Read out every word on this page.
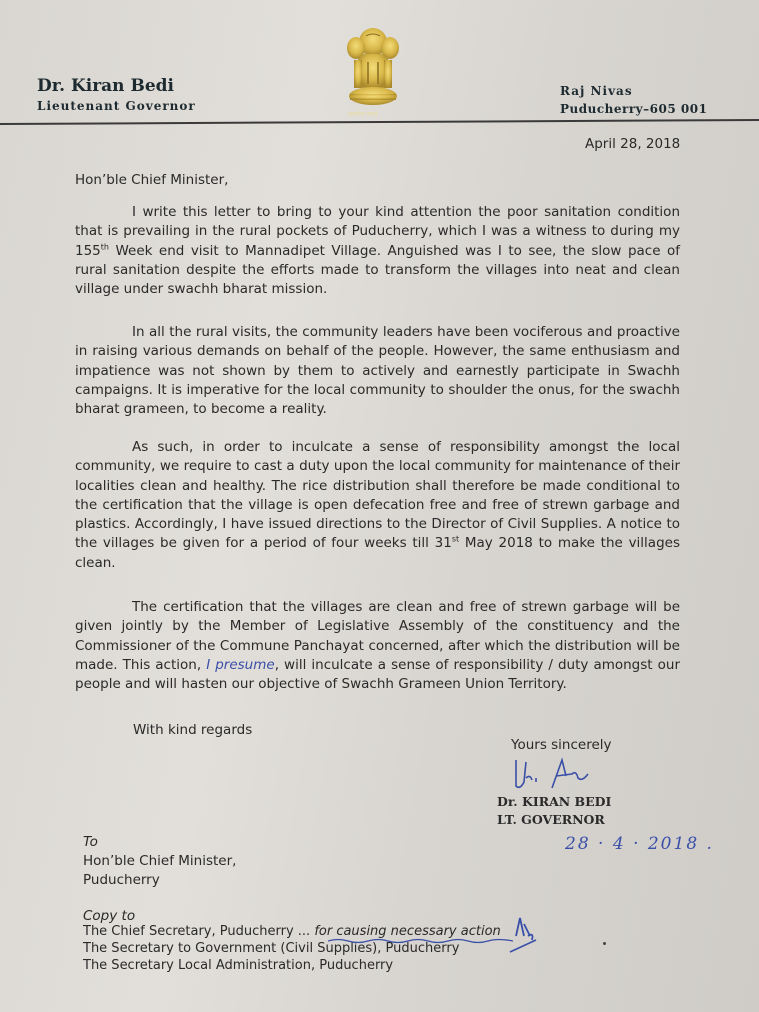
सत्यमेव जयते
Dr. Kiran Bedi
Lieutenant Governor
Raj Nivas
Puducherry–605 001
April 28, 2018
Hon’ble Chief Minister,
I write this letter to bring to your kind attention the poor sanitation condition that is prevailing in the rural pockets of Puducherry, which I was a witness to during my 155th Week end visit to Mannadipet Village. Anguished was I to see, the slow pace of rural sanitation despite the efforts made to transform the villages into neat and clean village under swachh bharat mission.
In all the rural visits, the community leaders have been vociferous and proactive in raising various demands on behalf of the people. However, the same enthusiasm and impatience was not shown by them to actively and earnestly participate in Swachh campaigns. It is imperative for the local community to shoulder the onus, for the swachh bharat grameen, to become a reality.
As such, in order to inculcate a sense of responsibility amongst the local community, we require to cast a duty upon the local community for maintenance of their localities clean and healthy. The rice distribution shall therefore be made conditional to the certification that the village is open defecation free and free of strewn garbage and plastics. Accordingly, I have issued directions to the Director of Civil Supplies. A notice to the villages be given for a period of four weeks till 31st May 2018 to make the villages clean.
The certification that the villages are clean and free of strewn garbage will be given jointly by the Member of Legislative Assembly of the constituency and the Commissioner of the Commune Panchayat concerned, after which the distribution will be made. This action, I presume, will inculcate a sense of responsibility / duty amongst our people and will hasten our objective of Swachh Grameen Union Territory.
With kind regards
Yours sincerely
Dr. KIRAN BEDI
LT. GOVERNOR
28 · 4 · 2018 .
To
Hon’ble Chief Minister,
Puducherry
Copy to
The Chief Secretary, Puducherry ... for causing necessary action
The Secretary to Government (Civil Supplies), Puducherry
The Secretary Local Administration, Puducherry
